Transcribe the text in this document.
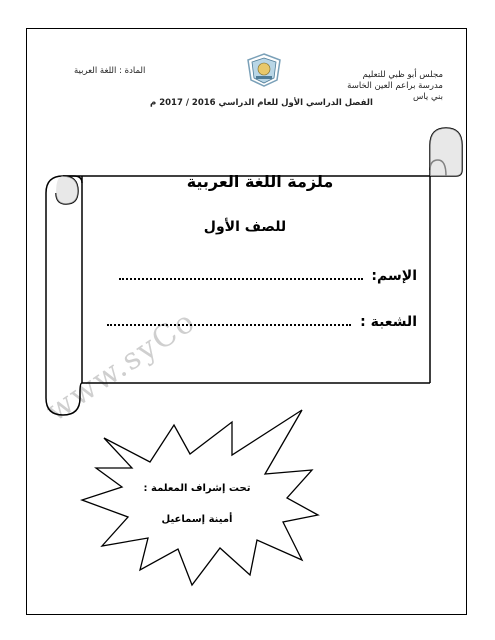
www.syCo
مجلس أبو ظبي للتعليم
مدرسة براعم العين الخاسة
بني ياس
المادة : اللغة العربية
الفصل الدراسي الأول للعام الدراسي 2016 / 2017 م
ملزمة اللغة العربية
للصف الأول
الإسم:
الشعبة :
تحت إشراف المعلمة :
أمينة إسماعيل
